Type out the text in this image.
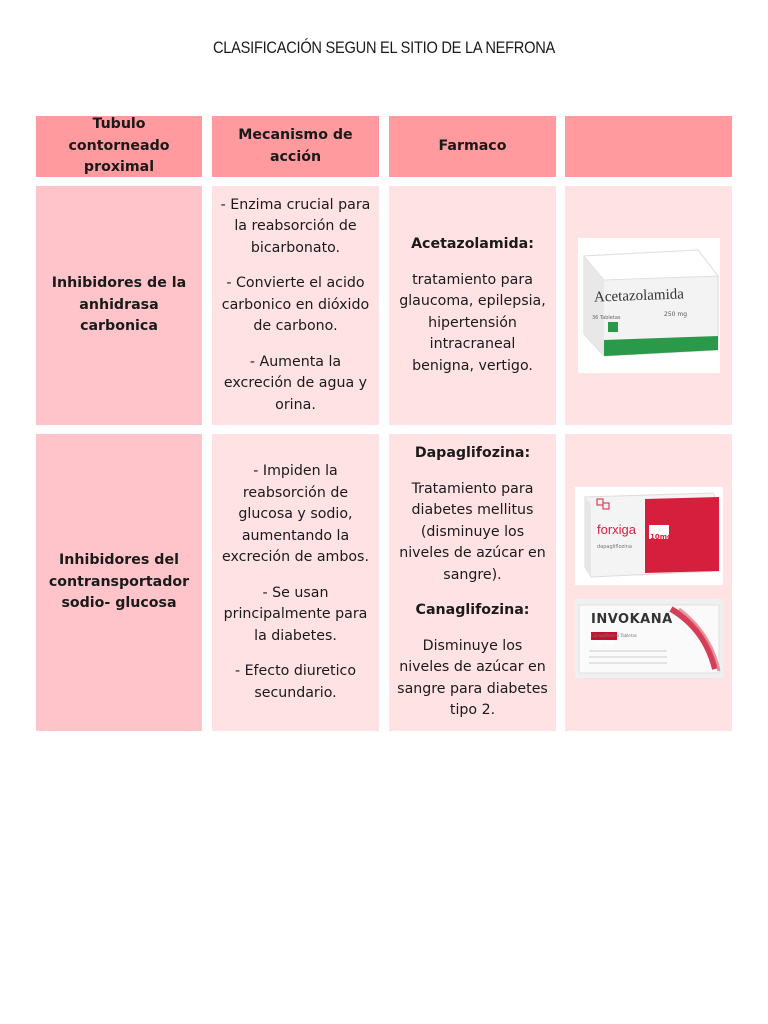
CLASIFICACIÓN SEGUN EL SITIO DE LA NEFRONA
Tubulo contorneado proximal
Mecanismo de acción
Farmaco
Inhibidores de la anhidrasa carbonica
- Enzima crucial para la reabsorción de bicarbonato.
- Convierte el acido carbonico en dióxido de carbono.
- Aumenta la excreción de agua y orina.
Acetazolamida:
tratamiento para glaucoma, epilepsia, hipertensión intracraneal benigna, vertigo.
Acetazolamida
250 mg
36 Tabletas
Inhibidores del contransportador sodio- glucosa
- Impiden la reabsorción de glucosa y sodio, aumentando la excreción de ambos.
- Se usan principalmente para la diabetes.
- Efecto diuretico secundario.
Dapaglifozina:
Tratamiento para diabetes mellitus (disminuye los niveles de azúcar en sangre).
Canaglifozina:
Disminuye los niveles de azúcar en sangre para diabetes tipo 2.
forxiga 10mg
dapagliflozina
INVOKANA
300 mg
Canagliflozina Tabletas
